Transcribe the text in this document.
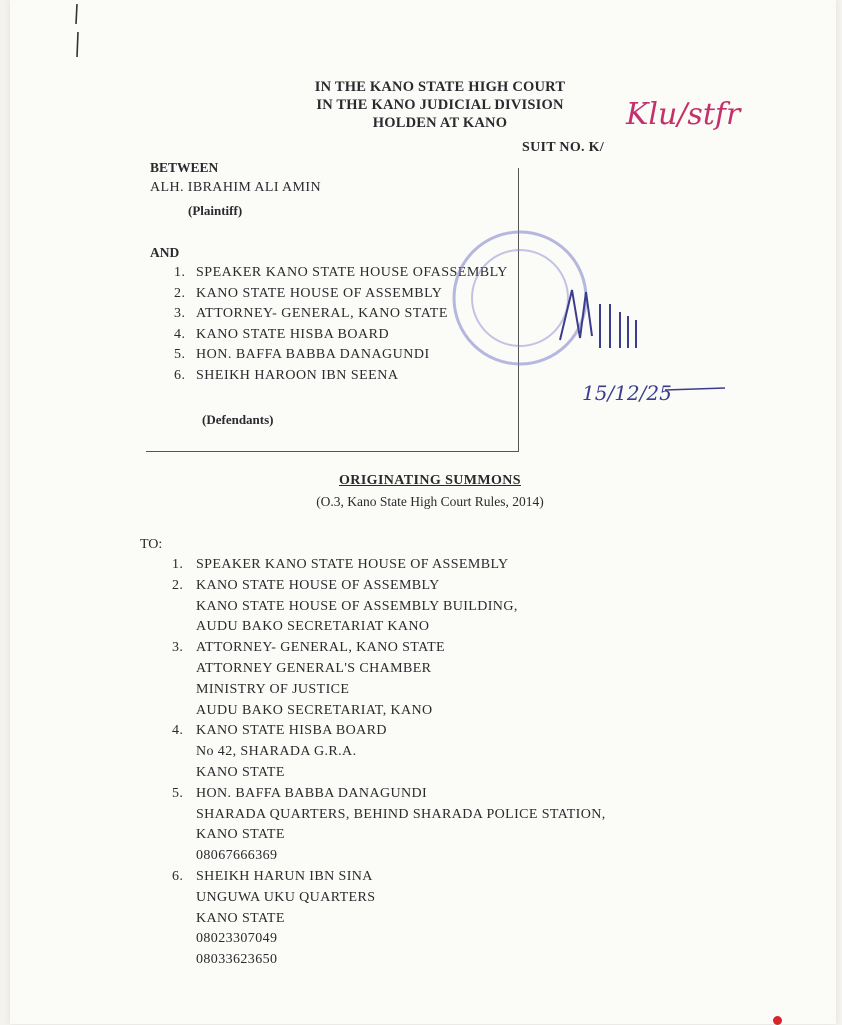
IN THE KANO STATE HIGH COURT
IN THE KANO JUDICIAL DIVISION
HOLDEN AT KANO	Klu/stfr
SUIT NO. K/
BETWEEN
ALH. IBRAHIM ALI AMIN
(Plaintiff)
AND
1. SPEAKER KANO STATE HOUSE OFASSEMBLY
2. KANO STATE HOUSE OF ASSEMBLY
3. ATTORNEY- GENERAL, KANO STATE
4. KANO STATE HISBA BOARD
5. HON. BAFFA BABBA DANAGUNDI
6. SHEIKH HAROON IBN SEENA
(Defendants)
15/12/25
ORIGINATING SUMMONS
(O.3, Kano State High Court Rules, 2014)
TO:
1. SPEAKER KANO STATE HOUSE OF ASSEMBLY
2. KANO STATE HOUSE OF ASSEMBLY
KANO STATE HOUSE OF ASSEMBLY BUILDING,
AUDU BAKO SECRETARIAT KANO
3. ATTORNEY- GENERAL, KANO STATE
ATTORNEY GENERAL'S CHAMBER
MINISTRY OF JUSTICE
AUDU BAKO SECRETARIAT, KANO
4. KANO STATE HISBA BOARD
No 42, SHARADA G.R.A.
KANO STATE
5. HON. BAFFA BABBA DANAGUNDI
SHARADA QUARTERS, BEHIND SHARADA POLICE STATION,
KANO STATE
08067666369
6. SHEIKH HARUN IBN SINA
UNGUWA UKU QUARTERS
KANO STATE
08023307049
08033623650
